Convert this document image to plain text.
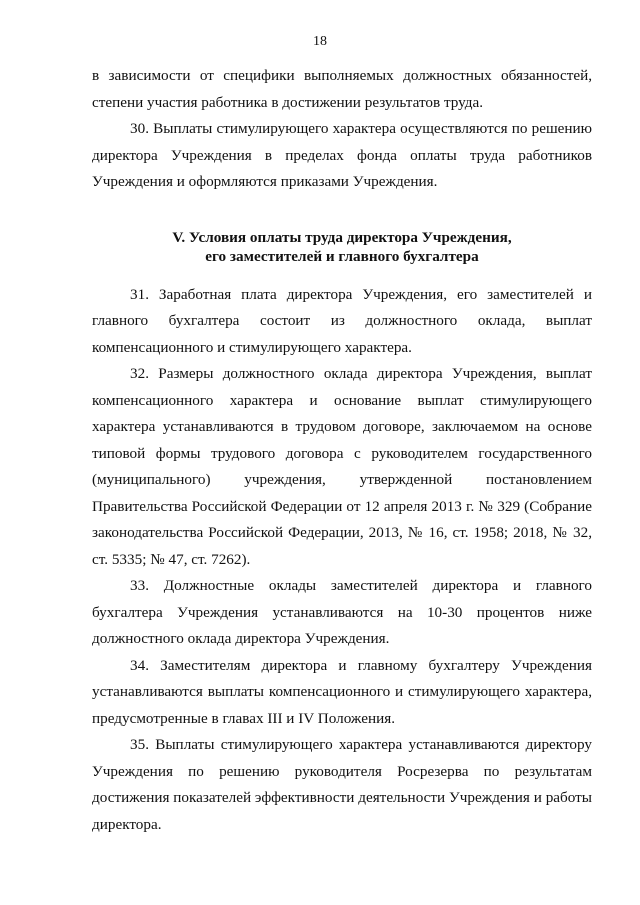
18

в зависимости от специфики выполняемых должностных обязанностей, степени участия работника в достижении результатов труда.

30. Выплаты стимулирующего характера осуществляются по решению директора Учреждения в пределах фонда оплаты труда работников Учреждения и оформляются приказами Учреждения.

V. Условия оплаты труда директора Учреждения,
его заместителей и главного бухгалтера

31. Заработная плата директора Учреждения, его заместителей и главного бухгалтера состоит из должностного оклада, выплат компенсационного и стимулирующего характера.

32. Размеры должностного оклада директора Учреждения, выплат компенсационного характера и основание выплат стимулирующего характера устанавливаются в трудовом договоре, заключаемом на основе типовой формы трудового договора с руководителем государственного (муниципального) учреждения, утвержденной постановлением Правительства Российской Федерации от 12 апреля 2013 г. № 329 (Собрание законодательства Российской Федерации, 2013, № 16, ст. 1958; 2018, № 32, ст. 5335; № 47, ст. 7262).

33. Должностные оклады заместителей директора и главного бухгалтера Учреждения устанавливаются на 10-30 процентов ниже должностного оклада директора Учреждения.

34. Заместителям директора и главному бухгалтеру Учреждения устанавливаются выплаты компенсационного и стимулирующего характера, предусмотренные в главах III и IV Положения.

35. Выплаты стимулирующего характера устанавливаются директору Учреждения по решению руководителя Росрезерва по результатам достижения показателей эффективности деятельности Учреждения и работы директора.
